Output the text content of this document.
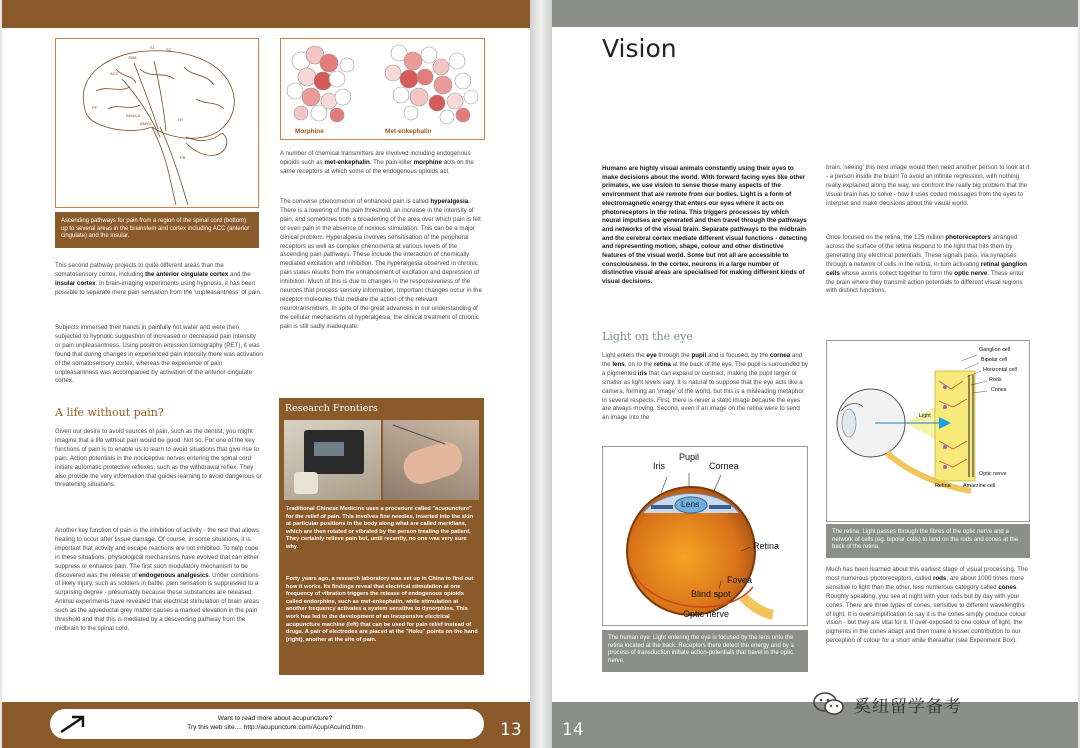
S1	S2
SMA
ACC
PF
HT
AMYG
INSULA
PB
Ascending pathways for pain from a region of the spinal cord (bottom) up to several areas in the brainstem and cortex including ACC (anterior cingulate) and the insular.
Morphine	Met-enkephalin
This second pathway projects to quite different areas than the somatosensory cortex, including the anterior cingulate cortex and the insular cortex. In brain-imaging experiments using hypnosis, it has been possible to separate mere pain sensation from the 'unpleasantness' of pain.
Subjects immersed their hands in painfully hot water and were then subjected to hypnotic suggestion of increased or decreased pain intensity or pain unpleasantness. Using positron emission tomography (PET), it was found that during changes in experienced pain intensity there was activation of the somatosensory cortex, whereas the experience of pain unpleasantness was accompanied by activation of the anterior cingulate cortex.
A life without pain?
Given our desire to avoid sources of pain, such as the dentist, you might imagine that a life without pain would be good. Not so. For one of the key functions of pain is to enable us to learn to avoid situations that give rise to pain. Action potentials in the nociceptive nerves entering the spinal cord initiate automatic protective reflexes, such as the withdrawal reflex. They also provide the very information that guides learning to avoid dangerous or threatening situations.
Another key function of pain is the inhibition of activity - the rest that allows healing to occur after tissue damage. Of course, in some situations, it is important that activity and escape reactions are not inhibited. To help cope in these situations, physiological mechanisms have evolved that can either suppress or enhance pain. The first such modulatory mechanism to be discovered was the release of endogenous analgesics. Under conditions of likely injury, such as soldiers in battle, pain sensation is suppressed to a surprising degree - presumably because these substances are released. Animal experiments have revealed that electrical stimulation of brain areas such as the aqueductal grey matter causes a marked elevation in the pain threshold and that this is mediated by a descending pathway from the midbrain to the spinal cord.
A number of chemical transmitters are involved including endogenous opioids such as met-enkephalin. The pain-killer morphine acts on the same receptors at which some of the endogenous opioids act.
The converse phenomenon of enhanced pain is called hyperalgesia. There is a lowering of the pain threshold, an increase in the intensity of pain, and sometimes both a broadening of the area over which pain is felt or even pain in the absence of noxious stimulation. This can be a major clinical problem. Hyperalgesia involves sensitisation of the peripheral receptors as well as complex phenomena at various levels of the ascending pain pathways. These include the interaction of chemically mediated excitation and inhibition. The hyperalgesia observed in chronic pain states results from the enhancement of excitation and depression of inhibition. Much of this is due to changes in the responsiveness of the neurons that process sensory information. Important changes occur in the receptor molecules that mediate the action of the relevant neurotransmitters. In spite of the great advances in our understanding of the cellular mechanisms of hyperalgesia, the clinical treatment of chronic pain is still sadly inadequate.
Research Frontiers
Traditional Chinese Medicine uses a procedure called "acupuncture" for the relief of pain. This involves fine needles, inserted into the skin at particular positions in the body along what are called meridians, which are then rotated or vibrated by the person treating the patient. They certainly relieve pain but, until recently, no one was very sure why.
Forty years ago, a research laboratory was set up in China to find out how it works. Its findings reveal that electrical stimulation at one frequency of vibration triggers the release of endogenous opioids called endorphins, such as met-enkephalin, while stimulation at another frequency activates a system sensitive to dynorphins. This work has led to the development of an inexpensive electrical acupuncture machine (left) that can be used for pain relief instead of drugs. A pair of electrodes are placed at the "Hoku" points on the hand (right), another at the site of pain.
Want to read more about acupuncture?
Try this web site.... http://acupuncture.com/Acup/AcuInd.htm	13
Vision
Humans are highly visual animals constantly using their eyes to make decisions about the world. With forward facing eyes like other primates, we use vision to sense those many aspects of the environment that are remote from our bodies. Light is a form of electromagnetic energy that enters our eyes where it acts on photoreceptors in the retina. This triggers processes by which neural impulses are generated and then travel through the pathways and networks of the visual brain. Separate pathways to the midbrain and the cerebral cortex mediate different visual functions - detecting and representing motion, shape, colour and other distinctive features of the visual world. Some but not all are accessible to consciousness. In the cortex, neurons in a large number of distinctive visual areas are specialised for making different kinds of visual decisions.
Light on the eye
Light enters the eye through the pupil and is focused, by the cornea and the lens, on to the retina at the back of the eye. The pupil is surrounded by a pigmented iris that can expand or contract, making the pupil larger or smaller as light levels vary. It is natural to suppose that the eye acts like a camera, forming an 'image' of the world, but this is a misleading metaphor in several respects. First, there is never a static image because the eyes are always moving. Second, even if an image on the retina were to send an image into the
Pupil
Iris	Cornea
Lens
Retina
Fovea
Blind spot
Optic nerve
The human eye. Light entering the eye is focused by the lens onto the retina located at the back. Receptors there detect the energy and by a process of transduction initiate action-potentials that travel in the optic nerve.
brain, 'seeing' this next image would then need another person to look at it - a person inside the brain! To avoid an infinite regression, with nothing really explained along the way, we confront the really big problem that the visual brain has to solve - how it uses coded messages from the eyes to interpret and make decisions about the visual world.
Once focused on the retina, the 125 million photoreceptors arranged across the surface of the retina respond to the light that hits them by generating tiny electrical potentials. These signals pass, via synapses through a network of cells in the retina, in turn activating retinal ganglion cells whose axons collect together to form the optic nerve. These enter the brain where they transmit action potentials to different visual regions with distinct functions.
Ganglion cell
Bipolar cell
Horizontal cell
Rods
Cones
Light
Optic nerve
Retina Amacrine cell
The retina. Light passes through the fibres of the optic nerve and a network of cells (eg. bipolar cells) to land on the rods and cones at the back of the retina.
Much has been learned about this earliest stage of visual processing. The most numerous photoreceptors, called rods, are about 1000 times more sensitive to light than the other, less numerous category called cones. Roughly speaking, you see at night with your rods but by day with your cones. There are three types of cones, sensitive to different wavelengths of light. It is oversimplification to say it is the cones simply produce colour vision - but they are vital for it. If over-exposed to one colour of light, the pigments in the cones adapt and then make a lesser contribution to our perception of colour for a short while thereafter (see Experiment Box).
14
奚纽留学备考
